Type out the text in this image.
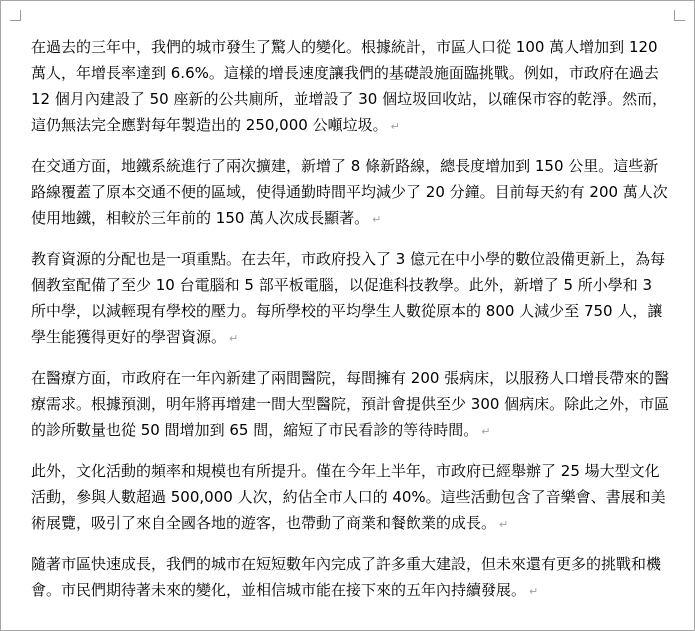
在過去的三年中，我們的城市發生了驚人的變化。根據統計，市區人口從 100 萬人增加到 120 萬人，年增長率達到 6.6%。這樣的增長速度讓我們的基礎設施面臨挑戰。例如，市政府在過去 12 個月內建設了 50 座新的公共廁所，並增設了 30 個垃圾回收站，以確保市容的乾淨。然而，這仍無法完全應對每年製造出的 250,000 公噸垃圾。 ↵

在交通方面，地鐵系統進行了兩次擴建，新增了 8 條新路線，總長度增加到 150 公里。這些新路線覆蓋了原本交通不便的區域，使得通勤時間平均減少了 20 分鐘。目前每天約有 200 萬人次使用地鐵，相較於三年前的 150 萬人次成長顯著。 ↵

教育資源的分配也是一項重點。在去年，市政府投入了 3 億元在中小學的數位設備更新上，為每個教室配備了至少 10 台電腦和 5 部平板電腦，以促進科技教學。此外，新增了 5 所小學和 3 所中學，以減輕現有學校的壓力。每所學校的平均學生人數從原本的 800 人減少至 750 人，讓學生能獲得更好的學習資源。 ↵

在醫療方面，市政府在一年內新建了兩間醫院，每間擁有 200 張病床，以服務人口增長帶來的醫療需求。根據預測，明年將再增建一間大型醫院，預計會提供至少 300 個病床。除此之外，市區的診所數量也從 50 間增加到 65 間，縮短了市民看診的等待時間。 ↵

此外，文化活動的頻率和規模也有所提升。僅在今年上半年，市政府已經舉辦了 25 場大型文化活動，參與人數超過 500,000 人次，約佔全市人口的 40%。這些活動包含了音樂會、書展和美術展覽，吸引了來自全國各地的遊客，也帶動了商業和餐飲業的成長。 ↵

隨著市區快速成長，我們的城市在短短數年內完成了許多重大建設，但未來還有更多的挑戰和機會。市民們期待著未來的變化，並相信城市能在接下來的五年內持續發展。 ↵
